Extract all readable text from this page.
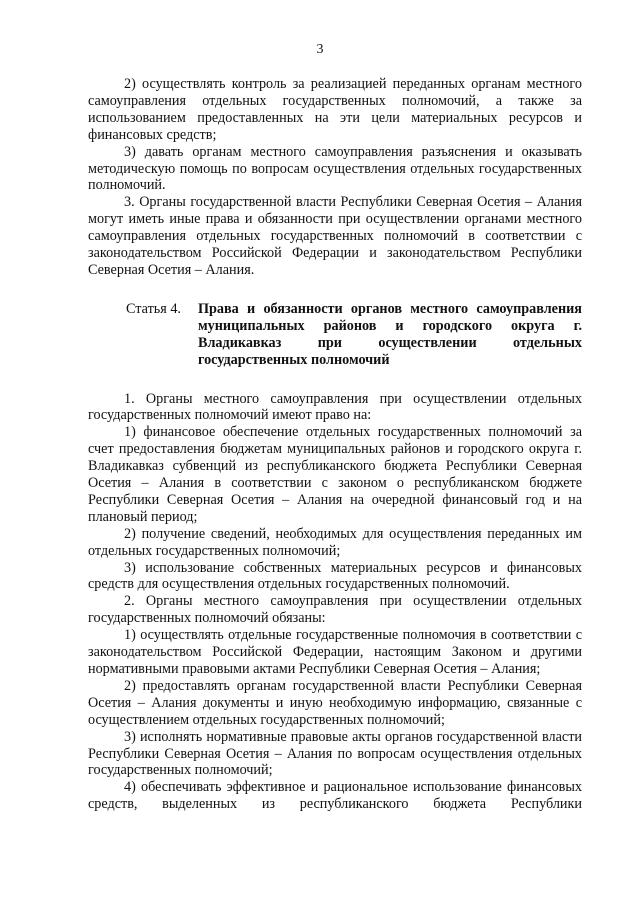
3

2) осуществлять контроль за реализацией переданных органам местного самоуправления отдельных государственных полномочий, а также за использованием предоставленных на эти цели материальных ресурсов и финансовых средств;

3) давать органам местного самоуправления разъяснения и оказывать методическую помощь по вопросам осуществления отдельных государственных полномочий.

3. Органы государственной власти Республики Северная Осетия – Алания могут иметь иные права и обязанности при осуществлении органами местного самоуправления отдельных государственных полномочий в соответствии с законодательством Российской Федерации и законодательством Республики Северная Осетия – Алания.

Статья 4.	Права и обязанности органов местного самоуправления муниципальных районов и городского округа г. Владикавказ при осуществлении отдельных государственных полномочий

1. Органы местного самоуправления при осуществлении отдельных государственных полномочий имеют право на:

1) финансовое обеспечение отдельных государственных полномочий за счет предоставления бюджетам муниципальных районов и городского округа г. Владикавказ субвенций из республиканского бюджета Республики Северная Осетия – Алания в соответствии с законом о республиканском бюджете Республики Северная Осетия – Алания на очередной финансовый год и на плановый период;

2) получение сведений, необходимых для осуществления переданных им отдельных государственных полномочий;

3) использование собственных материальных ресурсов и финансовых средств для осуществления отдельных государственных полномочий.

2. Органы местного самоуправления при осуществлении отдельных государственных полномочий обязаны:

1) осуществлять отдельные государственные полномочия в соответствии с законодательством Российской Федерации, настоящим Законом и другими нормативными правовыми актами Республики Северная Осетия – Алания;

2) предоставлять органам государственной власти Республики Северная Осетия – Алания документы и иную необходимую информацию, связанные с осуществлением отдельных государственных полномочий;

3) исполнять нормативные правовые акты органов государственной власти Республики Северная Осетия – Алания по вопросам осуществления отдельных государственных полномочий;

4) обеспечивать эффективное и рациональное использование финансовых средств, выделенных из республиканского бюджета Республики
